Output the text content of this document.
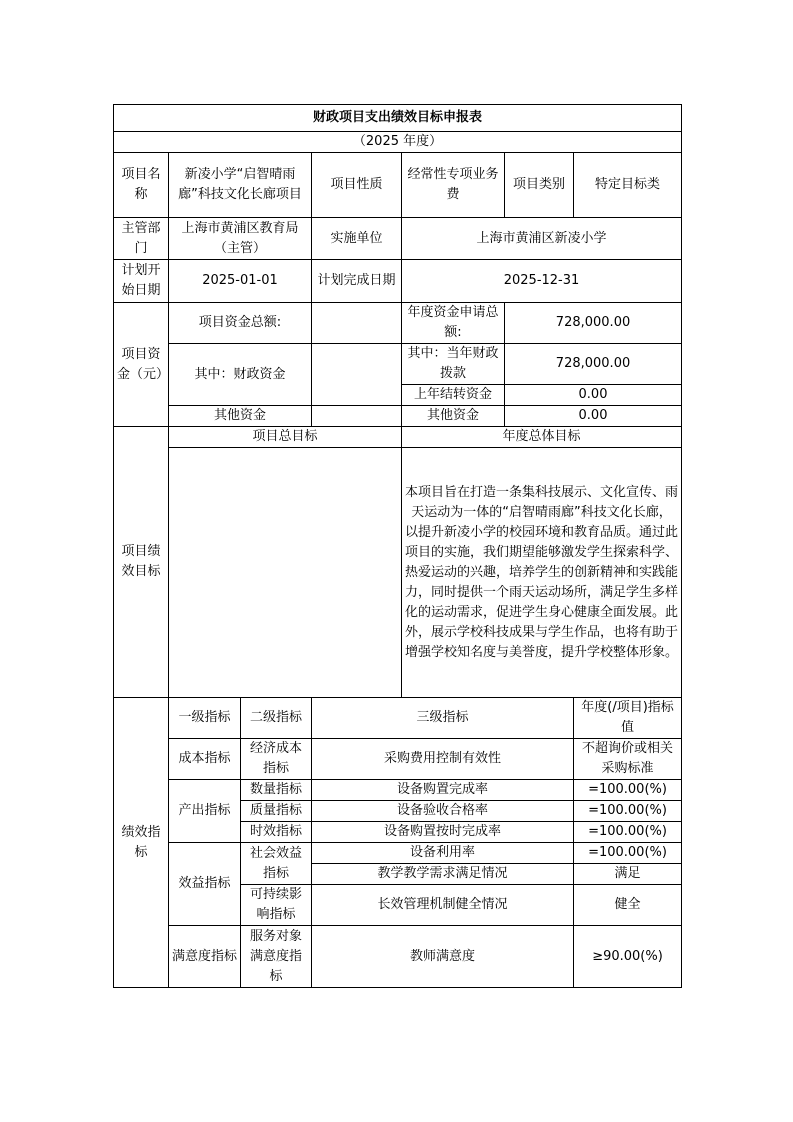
财政项目支出绩效目标申报表						
（2025 年度）						
项目名称	新凌小学“启智晴雨廊”科技文化长廊项目		项目性质	经常性专项业务费	项目类别	特定目标类
主管部门	上海市黄浦区教育局（主管）		实施单位	上海市黄浦区新凌小学		
计划开始日期	2025-01-01		计划完成日期	2025-12-31		
项目资金（元）	项目资金总额:			年度资金申请总额:	728,000.00	
	其中：财政资金			其中：当年财政拨款	728,000.00	
				上年结转资金	0.00	
	其他资金			其他资金	0.00	
项目绩效目标	项目总目标			年度总体目标		
				本项目旨在打造一条集科技展示、文化宣传、雨天运动为一体的“启智晴雨廊”科技文化长廊，以提升新凌小学的校园环境和教育品质。通过此项目的实施，我们期望能够激发学生探索科学、热爱运动的兴趣，培养学生的创新精神和实践能力，同时提供一个雨天运动场所，满足学生多样化的运动需求，促进学生身心健康全面发展。此外，展示学校科技成果与学生作品，也将有助于增强学校知名度与美誉度，提升学校整体形象。		
绩效指标	一级指标	二级指标	三级指标			年度(/项目)指标值
	成本指标	经济成本指标	采购费用控制有效性			不超询价或相关采购标准
	产出指标	数量指标	设备购置完成率			=100.00(%)
		质量指标	设备验收合格率			=100.00(%)
		时效指标	设备购置按时完成率			=100.00(%)
	效益指标	社会效益指标	设备利用率			=100.00(%)
			教学教学需求满足情况			满足
		可持续影响指标	长效管理机制健全情况			健全
	满意度指标	服务对象满意度指标	教师满意度			≥90.00(%)
